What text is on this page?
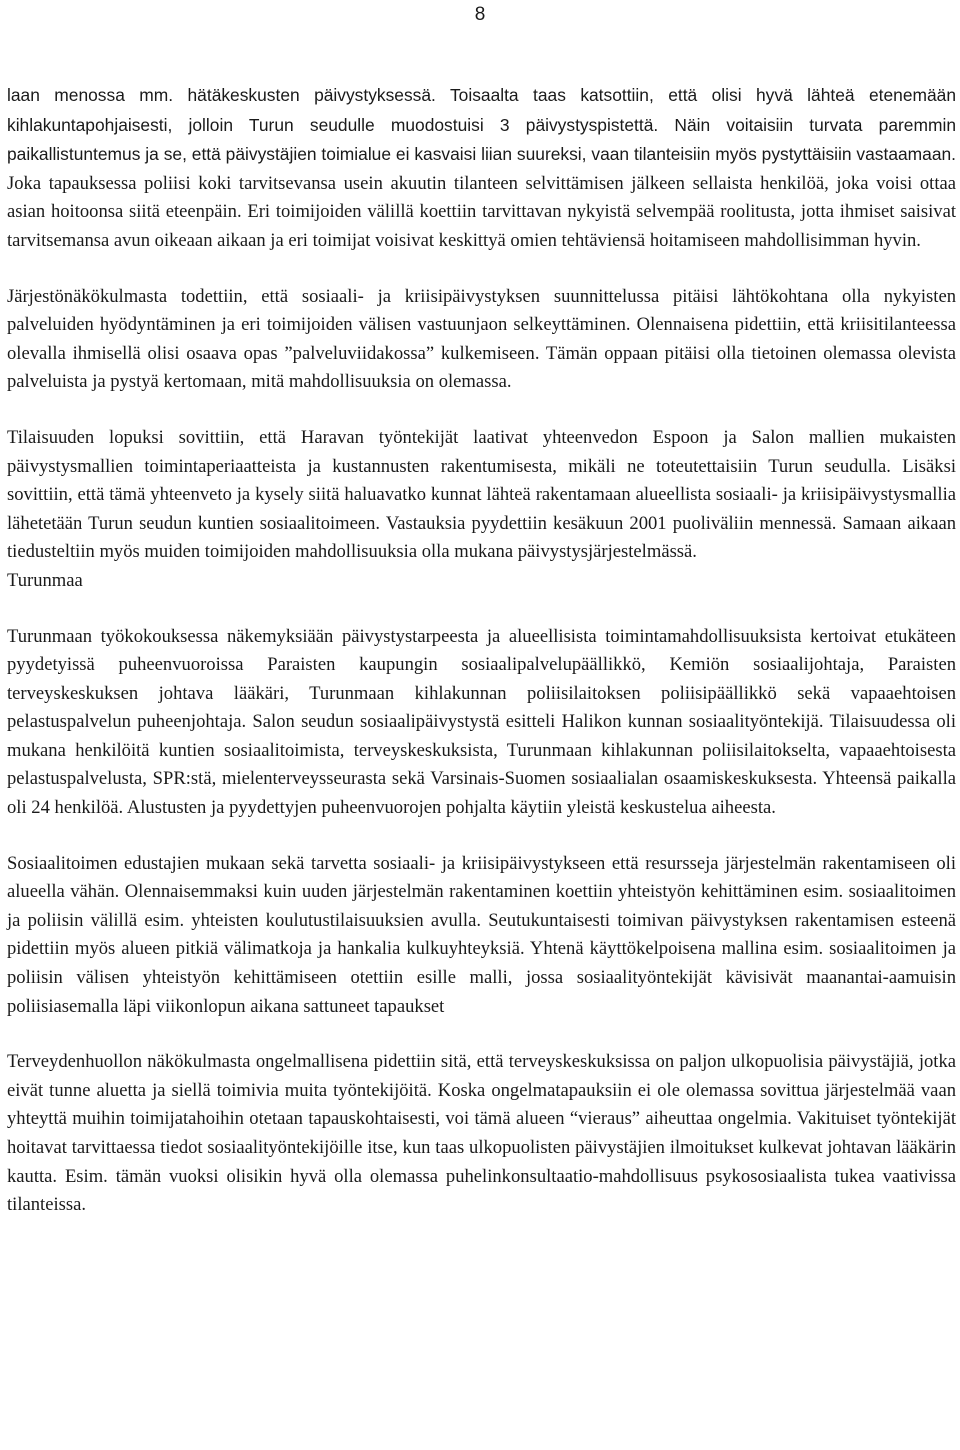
8

laan menossa mm. hätäkeskusten päivystyksessä. Toisaalta taas katsottiin, että olisi hyvä lähteä etenemään kihlakuntapohjaisesti, jolloin Turun seudulle muodostuisi 3 päivystyspistettä. Näin voitaisiin turvata paremmin paikallistuntemus ja se, että päivystäjien toimialue ei kasvaisi liian suureksi, vaan tilanteisiin myös pystyttäisiin vastaamaan. Joka tapauksessa poliisi koki tarvitsevansa usein akuutin tilanteen selvittämisen jälkeen sellaista henkilöä, joka voisi ottaa asian hoitoonsa siitä eteenpäin. Eri toimijoiden välillä koettiin tarvittavan nykyistä selvempää roolitusta, jotta ihmiset saisivat tarvitsemansa avun oikeaan aikaan ja eri toimijat voisivat keskittyä omien tehtäviensä hoitamiseen mahdollisimman hyvin.

Järjestönäkökulmasta todettiin, että sosiaali- ja kriisipäivystyksen suunnittelussa pitäisi lähtökohtana olla nykyisten palveluiden hyödyntäminen ja eri toimijoiden välisen vastuunjaon selkeyttäminen. Olennaisena pidettiin, että kriisitilanteessa olevalla ihmisellä olisi osaava opas ”palveluviidakossa” kulkemiseen. Tämän oppaan pitäisi olla tietoinen olemassa olevista palveluista ja pystyä kertomaan, mitä mahdollisuuksia on olemassa.

Tilaisuuden lopuksi sovittiin, että Haravan työntekijät laativat yhteenvedon Espoon ja Salon mallien mukaisten päivystysmallien toimintaperiaatteista ja kustannusten rakentumisesta, mikäli ne toteutettaisiin Turun seudulla. Lisäksi sovittiin, että tämä yhteenveto ja kysely siitä haluavatko kunnat lähteä rakentamaan alueellista sosiaali- ja kriisipäivystysmallia lähetetään Turun seudun kuntien sosiaalitoimeen. Vastauksia pyydettiin kesäkuun 2001 puoliväliin mennessä. Samaan aikaan tiedusteltiin myös muiden toimijoiden mahdollisuuksia olla mukana päivystysjärjestelmässä.

Turunmaa

Turunmaan työkokouksessa näkemyksiään päivystystarpeesta ja alueellisista toimintamahdollisuuksista kertoivat etukäteen pyydetyissä puheenvuoroissa Paraisten kaupungin sosiaalipalvelupäällikkö, Kemiön sosiaalijohtaja, Paraisten terveyskeskuksen johtava lääkäri, Turunmaan kihlakunnan poliisilaitoksen poliisipäällikkö sekä vapaaehtoisen pelastuspalvelun puheenjohtaja. Salon seudun sosiaalipäivystystä esitteli Halikon kunnan sosiaalityöntekijä. Tilaisuudessa oli mukana henkilöitä kuntien sosiaalitoimista, terveyskeskuksista, Turunmaan kihlakunnan poliisilaitokselta, vapaaehtoisesta pelastuspalvelusta, SPR:stä, mielenterveysseurasta sekä Varsinais-Suomen sosiaalialan osaamiskeskuksesta. Yhteensä paikalla oli 24 henkilöä. Alustusten ja pyydettyjen puheenvuorojen pohjalta käytiin yleistä keskustelua aiheesta.

Sosiaalitoimen edustajien mukaan sekä tarvetta sosiaali- ja kriisipäivystykseen että resursseja järjestelmän rakentamiseen oli alueella vähän. Olennaisemmaksi kuin uuden järjestelmän rakentaminen koettiin yhteistyön kehittäminen esim. sosiaalitoimen ja poliisin välillä esim. yhteisten koulutustilaisuuksien avulla. Seutukuntaisesti toimivan päivystyksen rakentamisen esteenä pidettiin myös alueen pitkiä välimatkoja ja hankalia kulkuyhteyksiä. Yhtenä käyttökelpoisena mallina esim. sosiaalitoimen ja poliisin välisen yhteistyön kehittämiseen otettiin esille malli, jossa sosiaalityöntekijät kävisivät maanantai-aamuisin poliisiasemalla läpi viikonlopun aikana sattuneet tapaukset

Terveydenhuollon näkökulmasta ongelmallisena pidettiin sitä, että terveyskeskuksissa on paljon ulkopuolisia päivystäjiä, jotka eivät tunne aluetta ja siellä toimivia muita työntekijöitä. Koska ongelmatapauksiin ei ole olemassa sovittua järjestelmää vaan yhteyttä muihin toimijatahoihin otetaan tapauskohtaisesti, voi tämä alueen “vieraus” aiheuttaa ongelmia. Vakituiset työntekijät hoitavat tarvittaessa tiedot sosiaalityöntekijöille itse, kun taas ulkopuolisten päivystäjien ilmoitukset kulkevat johtavan lääkärin kautta. Esim. tämän vuoksi olisikin hyvä olla olemassa puhelinkonsultaatio-mahdollisuus psykososiaalista tukea vaativissa tilanteissa.
